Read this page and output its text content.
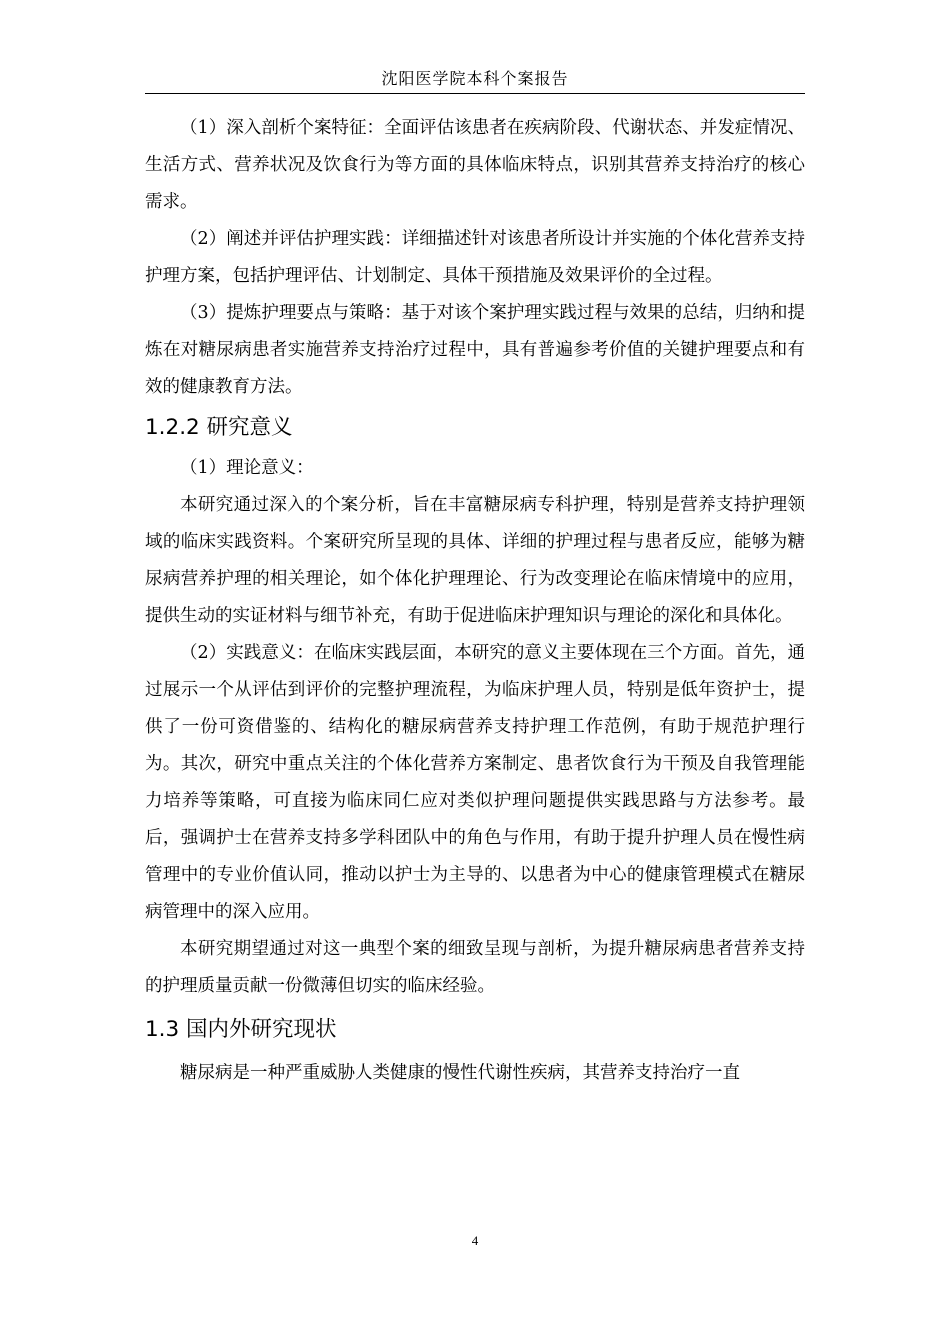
沈阳医学院本科个案报告

（1）深入剖析个案特征：全面评估该患者在疾病阶段、代谢状态、并发症情况、生活方式、营养状况及饮食行为等方面的具体临床特点，识别其营养支持治疗的核心需求。

（2）阐述并评估护理实践：详细描述针对该患者所设计并实施的个体化营养支持护理方案，包括护理评估、计划制定、具体干预措施及效果评价的全过程。

（3）提炼护理要点与策略：基于对该个案护理实践过程与效果的总结，归纳和提炼在对糖尿病患者实施营养支持治疗过程中，具有普遍参考价值的关键护理要点和有效的健康教育方法。

1.2.2 研究意义

（1）理论意义：

本研究通过深入的个案分析，旨在丰富糖尿病专科护理，特别是营养支持护理领域的临床实践资料。个案研究所呈现的具体、详细的护理过程与患者反应，能够为糖尿病营养护理的相关理论，如个体化护理理论、行为改变理论在临床情境中的应用，提供生动的实证材料与细节补充，有助于促进临床护理知识与理论的深化和具体化。

（2）实践意义：在临床实践层面，本研究的意义主要体现在三个方面。首先，通过展示一个从评估到评价的完整护理流程，为临床护理人员，特别是低年资护士，提供了一份可资借鉴的、结构化的糖尿病营养支持护理工作范例，有助于规范护理行为。其次，研究中重点关注的个体化营养方案制定、患者饮食行为干预及自我管理能力培养等策略，可直接为临床同仁应对类似护理问题提供实践思路与方法参考。最后，强调护士在营养支持多学科团队中的角色与作用，有助于提升护理人员在慢性病管理中的专业价值认同，推动以护士为主导的、以患者为中心的健康管理模式在糖尿病管理中的深入应用。

本研究期望通过对这一典型个案的细致呈现与剖析，为提升糖尿病患者营养支持的护理质量贡献一份微薄但切实的临床经验。

1.3 国内外研究现状

糖尿病是一种严重威胁人类健康的慢性代谢性疾病，其营养支持治疗一直

4
